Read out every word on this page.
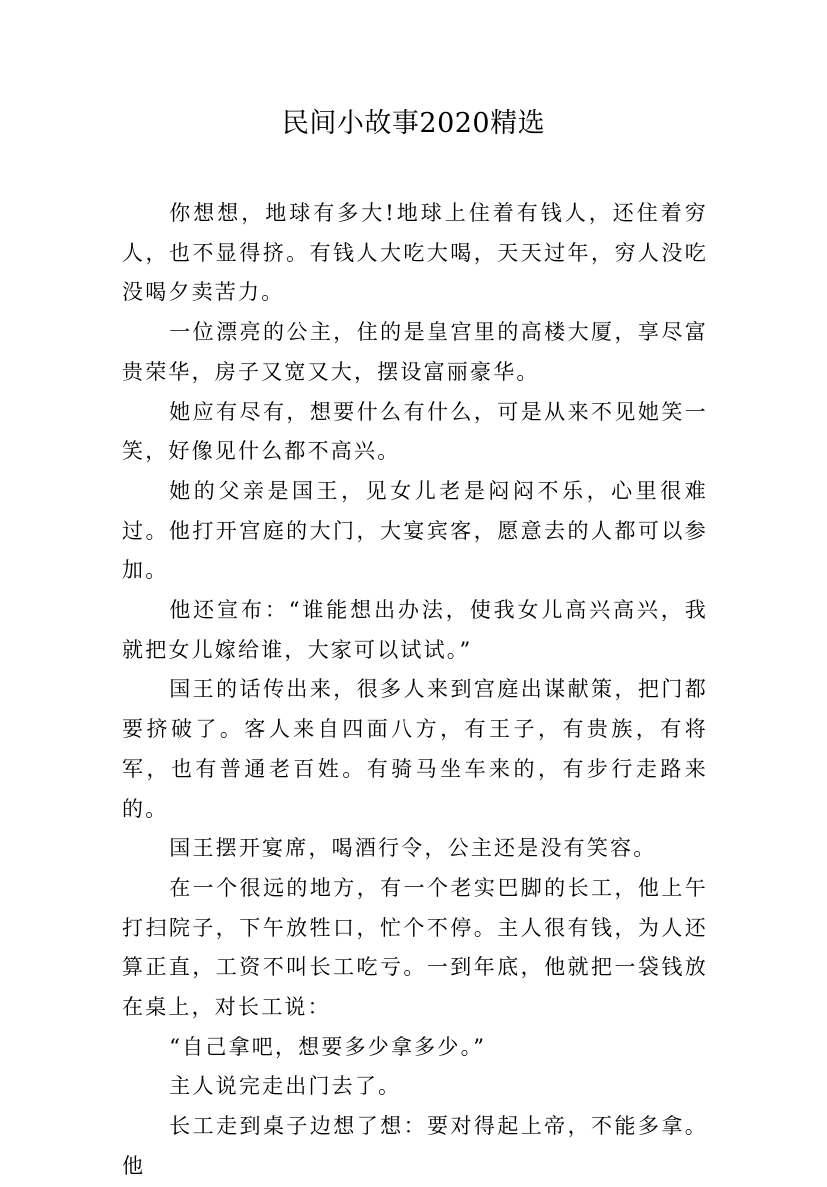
民间小故事2020精选

你想想，地球有多大!地球上住着有钱人，还住着穷人，也不显得挤。有钱人大吃大喝，天天过年，穷人没吃没喝夕卖苦力。

一位漂亮的公主，住的是皇宫里的高楼大厦，享尽富贵荣华，房子又宽又大，摆设富丽豪华。

她应有尽有，想要什么有什么，可是从来不见她笑一笑，好像见什么都不高兴。

她的父亲是国王，见女儿老是闷闷不乐，心里很难过。他打开宫庭的大门，大宴宾客，愿意去的人都可以参加。

他还宣布：“谁能想出办法，使我女儿高兴高兴，我就把女儿嫁给谁，大家可以试试。”

国王的话传出来，很多人来到宫庭出谋献策，把门都要挤破了。客人来自四面八方，有王子，有贵族，有将军，也有普通老百姓。有骑马坐车来的，有步行走路来的。

国王摆开宴席，喝酒行令，公主还是没有笑容。

在一个很远的地方，有一个老实巴脚的长工，他上午打扫院子，下午放牲口，忙个不停。主人很有钱，为人还算正直，工资不叫长工吃亏。一到年底，他就把一袋钱放在桌上，对长工说：

“自己拿吧，想要多少拿多少。”

主人说完走出门去了。

长工走到桌子边想了想：要对得起上帝，不能多拿。他
